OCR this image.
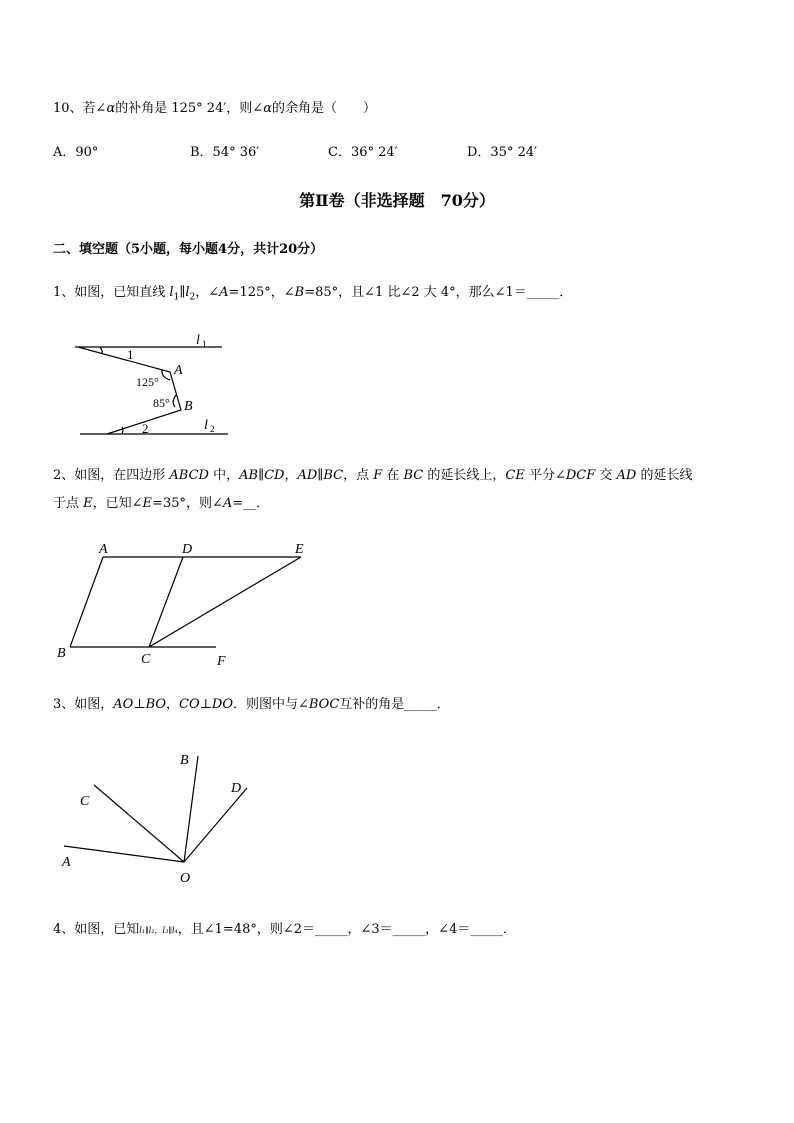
10、若∠α的补角是 125° 24′，则∠α的余角是（　　）
A．90°	B．54° 36′	C．36° 24′	D．35° 24′
第Ⅱ卷（非选择题　70分）
二、填空题（5小题，每小题4分，共计20分）
1、如图，已知直线 $l_1\parallel l_2$，∠A=125°，∠B=85°，且∠1 比∠2 大 4°，那么∠1＝_____．
l 1
l 2
1
2
A
B
125°
85°
2、如图，在四边形 ABCD 中，AB∥CD，AD∥BC，点 F 在 BC 的延长线上，CE 平分∠DCF 交 AD 的延长线
于点 E，已知∠E=35°，则∠A=__．
A
B	C
D	E
F
3、如图，AO⊥BO，CO⊥DO．则图中与∠BOC互补的角是_____．
A
B
C
D
O
4、如图，已知l₁∥l₂，l₃∥l₄，且∠1=48°，则∠2＝_____，∠3＝_____，∠4＝_____．
